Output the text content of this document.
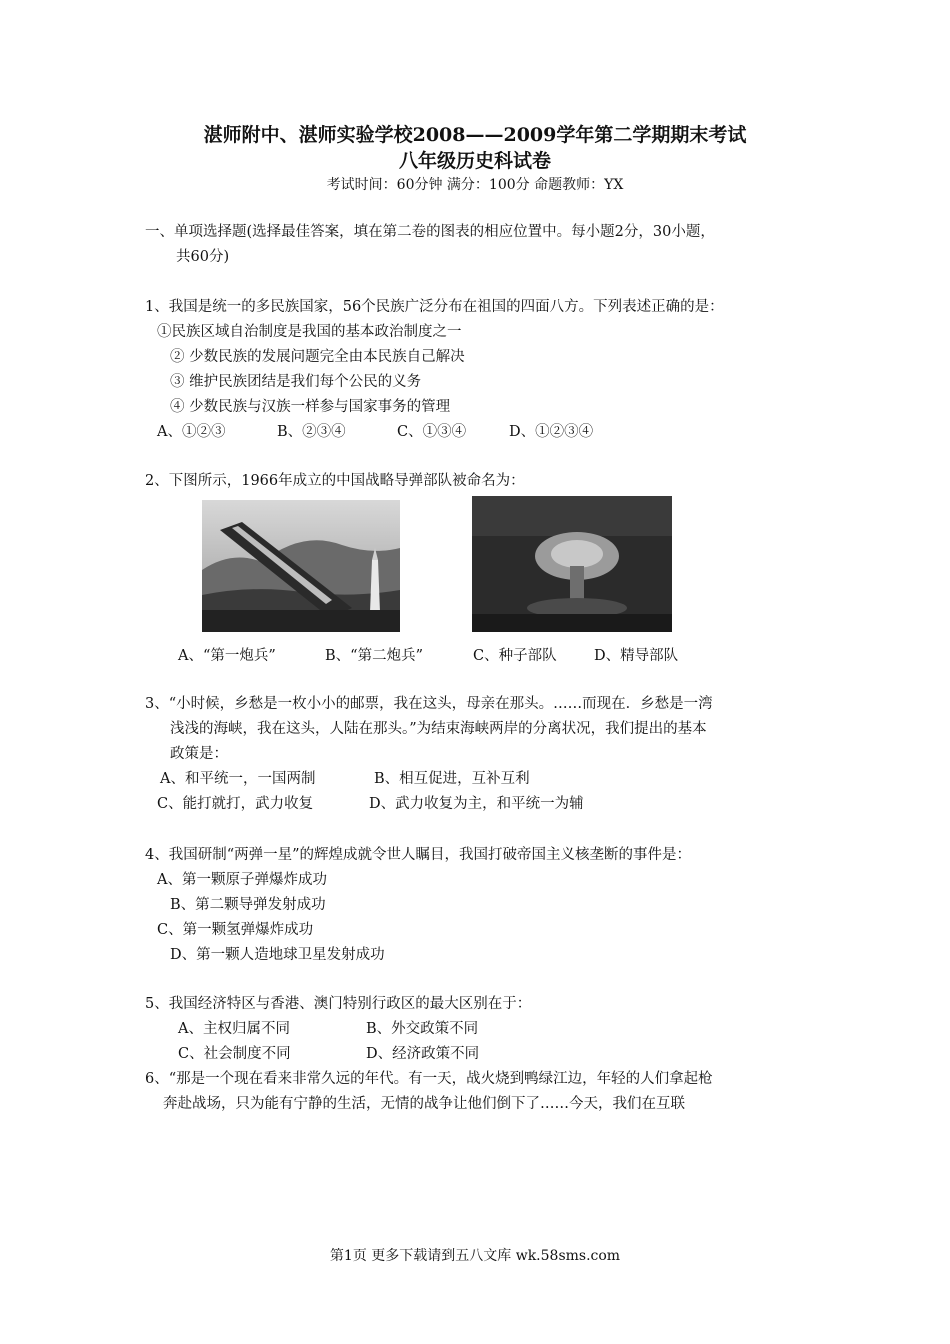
湛师附中、湛师实验学校2008——2009学年第二学期期末考试
八年级历史科试卷
考试时间：60分钟 满分：100分 命题教师：YX
一、单项选择题(选择最佳答案，填在第二卷的图表的相应位置中。每小题2分，30小题，
共60分)
1、我国是统一的多民族国家，56个民族广泛分布在祖国的四面八方。下列表述正确的是：
①民族区域自治制度是我国的基本政治制度之一
② 少数民族的发展问题完全由本民族自己解决
③ 维护民族团结是我们每个公民的义务
④ 少数民族与汉族一样参与国家事务的管理
A、①②③	B、②③④	C、①③④	D、①②③④
2、下图所示，1966年成立的中国战略导弹部队被命名为：
A、“第一炮兵”	B、“第二炮兵”	C、种子部队	D、精导部队
3、“小时候，乡愁是一枚小小的邮票，我在这头，母亲在那头。……而现在．乡愁是一湾
浅浅的海峡，我在这头，人陆在那头。”为结束海峡两岸的分离状况，我们提出的基本
政策是：
A、和平统一，一国两制	B、相互促进，互补互利
C、能打就打，武力收复	D、武力收复为主，和平统一为辅
4、我国研制“两弹一星”的辉煌成就令世人瞩目，我国打破帝国主义核垄断的事件是：
A、第一颗原子弹爆炸成功
B、第二颗导弹发射成功
C、第一颗氢弹爆炸成功
D、第一颗人造地球卫星发射成功
5、我国经济特区与香港、澳门特别行政区的最大区别在于：
A、主权归属不同	B、外交政策不同
C、社会制度不同	D、经济政策不同
6、“那是一个现在看来非常久远的年代。有一天，战火烧到鸭绿江边，年轻的人们拿起枪
奔赴战场，只为能有宁静的生活，无情的战争让他们倒下了……今天，我们在互联
第1页 更多下载请到五八文库 wk.58sms.com
